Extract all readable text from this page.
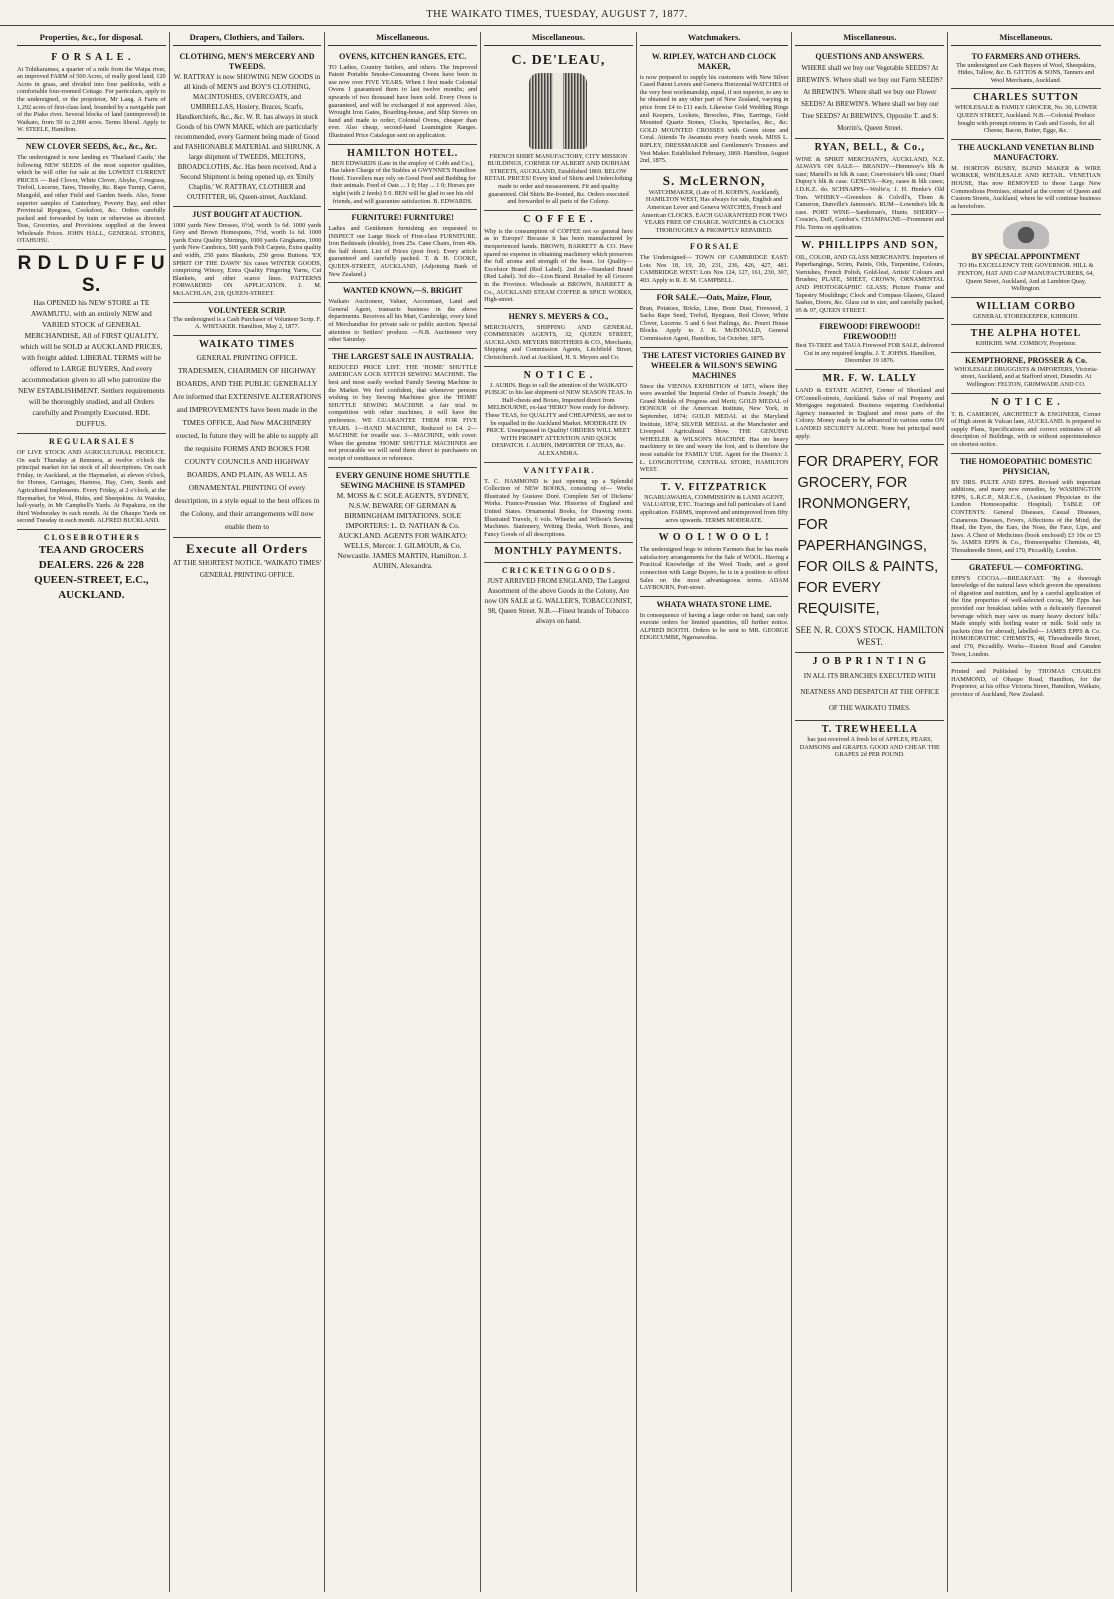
THE WAIKATO TIMES, TUESDAY, AUGUST 7, 1877.
Properties, &c., for disposal.
F O R S A L E .
At Tuhikaramea, a quarter of a mile from the Waipa river, an improved FARM of 500 Acres, of really good land; 120 Acres in grass, and divided into four paddocks, with a comfortable four-roomed Cottage. For particulars, apply to the undersigned, or the proprietor, Mr Lang. A Farm of 1,292 acres of first-class land, bounded by a navigable part of the Piako river. Several blocks of land (unimproved) in Waikato, from 50 to 2,000 acres. Terms liberal. Apply to W. STEELE, Hamilton.
NEW CLOVER SEEDS, &c., &c., &c.
The undersigned is now landing ex 'Thurland Castle,' the following NEW SEEDS of the most superior qualities, which he will offer for sale at the LOWEST CURRENT PRICES — Red Clover, White Clover, Alsyke, Cowgrass, Trefoil, Lucerne, Tares, Timothy, &c. Rape Turnip, Carrot, Mangold, and other Field and Garden Seeds. Also, Some superior samples of Canterbury, Poverty Bay, and other Provincial Ryegrass, Cocksfoot, &c. Orders carefully packed and forwarded by train or otherwise as directed. Teas, Groceries, and Provisions supplied at the lowest Wholesale Prices. JOHN HALL, GENERAL STORES, OTAHUHU.
R D L D U F F U S.
Has OPENED his NEW STORE at TE AWAMUTU, with an entirely NEW and VARIED STOCK of GENERAL MERCHANDISE, All of FIRST QUALITY, which will be SOLD at AUCKLAND PRICES, with freight added. LIBERAL TERMS will be offered to LARGE BUYERS, And every accommodation given to all who patronize the NEW ESTABLISHMENT. Settlers requirements will be thoroughly studied, and all Orders carefully and Promptly Executed. RDL DUFFUS.
R E G U L A R S A L E S
OF LIVE STOCK AND AGRICULTURAL PRODUCE. On each Thursday at Remuera, at twelve o'clock the principal market for fat stock of all descriptions. On each Friday, in Auckland, at the Haymarket, at eleven o'clock, for Horses, Carriages, Harness, Hay, Corn, Seeds and Agricultural Implements. Every Friday, at 2 o'clock, at the Haymarket, for Wool, Hides, and Sheepskins. At Waiuku, half-yearly, in Mr Campbell's Yards. At Papakura, on the third Wednesday in each month. At the Ohaupo Yards on second Tuesday in each month. ALFRED BUCKLAND.
C L O S E B R O T H E R S
TEA AND GROCERS DEALERS. 226 & 228 QUEEN-STREET, E.C., AUCKLAND.
Drapers, Clothiers, and Tailors.
CLOTHING, MEN'S MERCERY AND TWEEDS.
W. RATTRAY is now SHOWING NEW GOODS in all kinds of MEN'S and BOY'S CLOTHING, MACINTOSHES, OVERCOATS, and UMBRELLAS, Hosiery, Braces, Scarfs, Handkerchiefs, &c., &c. W. R. has always in stock Goods of his OWN MAKE, which are particularly recommended, every Garment being made of Good and FASHIONABLE MATERIAL and SHRUNK. A large shipment of TWEEDS, MELTONS, BROADCLOTHS, &c. Has been received, And a Second Shipment is being opened up, ex 'Emily Chaplin.' W. RATTRAY, CLOTHIER and OUTFITTER, 66, Queen-street, Auckland.
JUST BOUGHT AT AUCTION.
1000 yards New Dresses, 6½d, worth 1s 6d. 1000 yards Grey and Brown Homespuns, 7½d, worth 1s 6d. 1000 yards Extra Quality Shirtings, 1000 yards Ginghams, 1000 yards New Cambrics, 500 yards Felt Carpets, Extra quality and width, 250 pairs Blankets, 250 gross Buttons. 'EX SPIRIT OF THE DAWN' Six cases WINTER GOODS, comprising Wincey, Extra Quality Fingering Yarns, Cut Blankets, and other scarce lines. PATTERNS FORWARDED ON APPLICATION. J. M. McLACHLAN, 218, QUEEN-STREET.
VOLUNTEER SCRIP.
The undersigned is a Cash Purchaser of Volunteer Scrip. F. A. WHITAKER. Hamilton, May 2, 1877.
WAIKATO TIMES
GENERAL PRINTING OFFICE. TRADESMEN, CHAIRMEN OF HIGHWAY BOARDS, AND THE PUBLIC GENERALLY Are informed that EXTENSIVE ALTERATIONS and IMPROVEMENTS have been made in the TIMES OFFICE, And New MACHINERY erected, In future they will be able to supply all the requisite FORMS AND BOOKS FOR COUNTY COUNCILS AND HIGHWAY BOARDS, AND PLAIN, AS WELL AS ORNAMENTAL PRINTING Of every description, in a style equal to the best offices in the Colony, and their arrangements will now enable them to
Execute all Orders
AT THE SHORTEST NOTICE. 'WAIKATO TIMES' GENERAL PRINTING OFFICE.
Miscellaneous.
OVENS, KITCHEN RANGES, ETC.
TO Ladies, Country Settlers, and others. The Improved Patent Portable Smoke-Consuming Ovens have been in use now over FIVE YEARS. When I first made Colonial Ovens I guaranteed them to last twelve months; and upwards of two thousand have been sold. Every Oven is guaranteed, and will be exchanged if not approved. Also, Wrought Iron Gates, Boarding-house, and Ship Stoves on hand and made to order; Colonial Ovens, cheaper than ever. Also cheap, second-hand Leamington Ranges. Illustrated Price Catalogue sent on application.
HAMILTON HOTEL.
BEN EDWARDS (Late in the employ of Cobb and Co.), Has taken Charge of the Stables at GWYNNE'S Hamilton Hotel. Travellers may rely on Good Feed and Bedding for their animals. Feed of Oats ... 1 0; Hay ... 1 0; Horses per night (with 2 feeds) 5 0. BEN will be glad to see his old friends, and will guarantee satisfaction. B. EDWARDS.
FURNITURE! FURNITURE!
Ladies and Gentlemen furnishing are requested to INSPECT our Large Stock of First-class FURNITURE. Iron Bedsteads (double), from 25s. Cane Chairs, from 40s. the half dozen. List of Prices (post free). Every article guaranteed and carefully packed. T. & H. COOKE, QUEEN-STREET, AUCKLAND, (Adjoining Bank of New Zealand.)
WANTED KNOWN,—S. BRIGHT
Waikato Auctioneer, Valuer, Accountant, Land and General Agent, transacts business in the above departments. Receives all his Mart, Cambridge, every kind of Merchandise for private sale or public auction. Special attention to Settlers' produce. —N.B. Auctioneer very other Saturday.
THE LARGEST SALE IN AUSTRALIA.
REDUCED PRICE LIST. THE 'HOME' SHUTTLE AMERICAN LOCK STITCH SEWING MACHINE. The best and most easily worked Family Sewing Machine in the Market. We feel confident, that whenever persons wishing to buy Sewing Machines give the 'HOME' SHUTTLE SEWING MACHINE a fair trial in competition with other machines, it will have the preference. WE GUARANTEE THEM FOR FIVE YEARS. 1—HAND MACHINE, Reduced to £4. 2—MACHINE for treadle use. 3—MACHINE, with cover. When the genuine 'HOME' SHUTTLE MACHINES are not procurable we will send them direct to purchasers on receipt of remittance or reference.
EVERY GENUINE HOME SHUTTLE SEWING MACHINE IS STAMPED
M. MOSS & C SOLE AGENTS, SYDNEY, N.S.W. BEWARE OF GERMAN & BIRMINGHAM IMITATIONS. SOLE IMPORTERS: L. D. NATHAN & Co. AUCKLAND. AGENTS FOR WAIKATO: WELLS, Mercer. J. GILMOUR, & Co. Newcastle. JAMES MARTIN, Hamilton. J. AUBIN, Alexandra.
Miscellaneous.
C. DE'LEAU,
FRENCH SHIRT MANUFACTORY, CITY MISSION BUILDINGS, CORNER OF ALBERT AND DURHAM STREETS, AUCKLAND, Established 1869. BELOW RETAIL PRICES! Every kind of Shirts and Underclothing made to order and measurement. Fit and quality guaranteed. Old Shirts Re-fronted, &c. Orders executed and forwarded to all parts of the Colony.
C O F F E E .
Why is the consumption of COFFEE not so general here as in Europe? Because it has been manufactured by inexperienced hands. BROWN, BARRETT & CO. Have spared no expense in obtaining machinery which preserves the full aroma and strength of the bean. 1st Quality—Excelsior Brand (Red Label). 2nd do—Standard Brand (Red Label). 3rd do—Lion Brand. Retailed by all Grocers in the Province. Wholesale at BROWN, BARRETT & Co., AUCKLAND STEAM COFFEE & SPICE WORKS, High-street.
HENRY S. MEYERS & CO.,
MERCHANTS, SHIPPING AND GENERAL COMMISSION AGENTS, 32, QUEEN STREET, AUCKLAND. MEYERS BROTHERS & CO., Merchants, Shipping and Commission Agents, Litchfield Street, Christchurch. And at Auckland, H. S. Meyers and Co.
N O T I C E .
J. AUBIN. Begs to call the attention of the WAIKATO PUBLIC to his last shipment of NEW SEASON TEAS. In Half-chests and Boxes, Imported direct from MELBOURNE, ex-last 'HERO' Now ready for delivery. These TEAS, for QUALITY and CHEAPNESS, are not to be equalled in the Auckland Market. MODERATE IN PRICE. Unsurpassed in Quality! ORDERS WILL MEET WITH PROMPT ATTENTION AND QUICK DESPATCH. J. AUBIN, IMPORTER OF TEAS, &c. ALEXANDRA.
V A N I T Y F A I R .
T. C. HAMMOND is just opening up a Splendid Collection of NEW BOOKS, consisting of— Works Illustrated by Gustave Doré. Complete Set of Dickens' Works. Franco-Prussian War. Histories of England and United States. Ornamental Books, for Drawing room. Illustrated Travels, 6 vols. Wheeler and Wilson's Sewing Machines. Stationery, Writing Desks, Work Boxes, and Fancy Goods of all descriptions.
MONTHLY PAYMENTS.
C R I C K E T I N G G O O D S .
JUST ARRIVED FROM ENGLAND, The Largest Assortment of the above Goods in the Colony, Are now ON SALE at G. WALLER'S, TOBACCONIST, 98, Queen Street. N.B.—Finest brands of Tobacco always on hand.
Watchmakers.
W. RIPLEY, WATCH AND CLOCK MAKER,
is now prepared to supply his customers with New Silver Cased Patent Levers and Geneva Horizontal WATCHES of the very best workmanship, equal, if not superior, to any to be obtained in any other part of New Zealand, varying in price from £4 to £11 each. Likewise Gold Wedding Rings and Keepers, Lockets, Brooches, Pins, Earrings, Gold Mounted Quartz Stones, Clocks, Spectacles, &c., &c. GOLD MOUNTED CROSSES with Green stone and Coral. Attends Te Awamutu every fourth week. MISS L. RIPLEY, DRESSMAKER and Gentlemen's Trousers and Vest Maker. Established February, 1869. Hamilton, August 2nd, 1875.
S. McLERNON,
WATCHMAKER, (Late of H. KOHN'S, Auckland), HAMILTON WEST, Has always for sale, English and American Lever and Geneva WATCHES, French and American CLOCKS. EACH GUARANTEED FOR TWO YEARS FREE OF CHARGE. WATCHES & CLOCKS THOROUGHLY & PROMPTLY REPAIRED.
F O R S A L E
The Undersigned— TOWN OF CAMBRIDGE EAST: Lots Nos 18, 19, 20, 231, 236, 426, 427, 481. CAMBRIDGE WEST: Lots Nos 124, 127, 161, 230, 307, 403. Apply to R. E. M. CAMPBELL.
FOR SALE.—Oats, Maize, Flour,
Bran, Potatoes, Bricks, Lime, Bone Dust, Firewood, 2 Sacks Rape Seed, Trefoil, Ryegrass, Red Clover, White Clover, Lucerne. 5 and 6 feet Pailings, &c. Pourri House Blocks. Apply to J. K. McDONALD, General Commission Agent, Hamilton, 1st October, 1875.
THE LATEST VICTORIES GAINED BY WHEELER & WILSON'S SEWING MACHINES
Since the VIENNA EXHIBITION of 1873, where they were awarded 'the Imperial Order of Francis Joseph,' the Grand Medals of Progress and Merit; GOLD MEDAL of HONOUR of the American Institute, New York, in September, 1874; GOLD MEDAL at the Maryland Institute, 1874; SILVER MEDAL at the Manchester and Liverpool Agricultural Show. THE GENUINE WHEELER & WILSON'S MACHINE Has no heavy machinery to tire and weary the foot, and is therefore the most suitable for FAMILY USE. Agent for the District: J. L. LONGBOTTOM, CENTRAL STORE, HAMILTON WEST.
T. V. FITZPATRICK
NGARUAWAHIA, COMMISSION & LAND AGENT, VALUATOR, ETC. Tracings and full particulars of Land application. FARMS, improved and unimproved from fifty acres upwards. TERMS MODERATE.
W O O L ! W O O L !
The undersigned begs to inform Farmers that he has made satisfactory arrangements for the Sale of WOOL. Having a Practical Knowledge of the Wool Trade, and a good connection with Large Buyers, he is in a position to effect Sales on the most advantageous terms. ADAM LAYBOURN, Port-street.
WHATA WHATA STONE LIME.
In consequence of having a large order on hand, can only execute orders for limited quantities, till further notice. ALFRED BOOTH. Orders to be sent to MR. GEORGE EDGECUMBE, Ngaruawahia.
Miscellaneous.
QUESTIONS AND ANSWERS.
WHERE shall we buy our Vegetable SEEDS? At BREWIN'S. Where shall we buy our Farm SEEDS? At BREWIN'S. Where shall we buy our Flower SEEDS? At BREWIN'S. Where shall we buy our Tree SEEDS? At BREWIN'S, Opposite T. and S. Morrin's, Queen Street.
RYAN, BELL, & Co.,
WINE & SPIRIT MERCHANTS, AUCKLAND, N.Z. ALWAYS ON SALE— BRANDY—Hennessy's blk & case; Martell's in blk & case; Courvoisier's blk case; Otard Dupuy's blk & case. GENEVA—Key, cases & blk cases; J.D.K.Z. do. SCHNAPPS—Wolfe's; J. H. Henke's Old Tom. WHISKY—Greenlees & Colvill's, Thom & Cameron, Dunville's Jameson's. RUM—Lowndes's blk & case. PORT WINE—Sandeman's, Hunts. SHERRY—Cousin's, Duff, Gordon's. CHAMPAGNE—Fromment and Fils. Terms on application.
W. PHILLIPPS AND SON,
OIL, COLOR, AND GLASS MERCHANTS. Importers of Paperhangings, Scrim, Paints, Oils, Turpentine, Colours, Varnishes, French Polish, Gold-leaf, Artists' Colours and Brushes; PLATE, SHEET, CROWN, ORNAMENTAL AND PHOTOGRAPHIC GLASS; Picture Frame and Tapestry Mouldings; Clock and Compass Glasses, Glazed Sashes, Doors, &c. Glass cut to size, and carefully packed, 95 & 97, QUEEN STREET.
FIREWOOD! FIREWOOD!! FIREWOOD!!!
Best TI-TREE and TAUA Firewood FOR SALE, delivered Cut in any required lengths. J. T. JOHNS. Hamilton, December 19 1876.
MR. F. W. LALLY
LAND & ESTATE AGENT, Corner of Shortland and O'Connell-streets, Auckland. Sales of real Property and Mortgages negotiated. Business requiring Confidential Agency transacted in England and most parts of the Colony. Money ready to be advanced in various sums ON LANDED SECURITY ALONE. None but principal need apply.
FOR DRAPERY, FOR GROCERY, FOR IRONMONGERY, FOR PAPERHANGINGS, FOR OILS & PAINTS, FOR EVERY REQUISITE,
SEE N. R. COX'S STOCK. HAMILTON WEST.
J O B P R I N T I N G
IN ALL ITS BRANCHES EXECUTED WITH NEATNESS AND DESPATCH AT THE OFFICE OF THE WAIKATO TIMES.
T. TREWHEELLA
has just received A fresh lot of APPLES, PEARS, DAMSONS and GRAPES. GOOD AND CHEAP. THE GRAPES 2d PER POUND.
Miscellaneous.
TO FARMERS AND OTHERS.
The undersigned are Cash Buyers of Wool, Sheepskins, Hides, Tallow, &c. B. GITTOS & SONS, Tanners and Wool Merchants, Auckland.
CHARLES SUTTON
WHOLESALE & FAMILY GROCER, No. 30, LOWER QUEEN STREET, Auckland. N.B.—Colonial Produce bought with prompt returns in Cash and Goods, for all Cheese, Bacon, Butter, Eggs, &c.
THE AUCKLAND VENETIAN BLIND MANUFACTORY.
M. HORTON BUSBY, BLIND MAKER & WIRE WORKER, WHOLESALE AND RETAIL. VENETIAN HOUSE, Has now REMOVED to those Large New Commodious Premises, situated at the corner of Queen and Custom Streets, Auckland, where he will continue business as heretofore.
BY SPECIAL APPOINTMENT
TO His EXCELLENCY THE GOVERNOR. HILL & FENTON, HAT AND CAP MANUFACTURERS, 64, Queen Street, Auckland, And at Lambton Quay, Wellington.
WILLIAM CORBO
GENERAL STOREKEEPER, KIHIKIHI.
THE ALPHA HOTEL
KIHIKIHI. WM. COMBOY, Proprietor.
KEMPTHORNE, PROSSER & Co.
WHOLESALE DRUGGISTS & IMPORTERS, Victoria-street, Auckland, and at Stafford street, Dunedin. At Wellington: FELTON, GRIMWADE AND CO.
N O T I C E .
T. B. CAMERON, ARCHITECT & ENGINEER, Corner of High street & Vulcan lane, AUCKLAND. Is prepared to supply Plans, Specifications and correct estimates of all description of Buildings, with or without superintendence on shortest notice.
THE HOMOEOPATHIC DOMESTIC PHYSICIAN,
BY DRS. PULTE AND EPPS. Revised with important additions, and many new remedies, by WASHINGTON EPPS, L.R.C.P., M.R.C.S., (Assistant Physician to the London Homoeopathic Hospital). TABLE OF CONTENTS: General Diseases, Casual Diseases, Cutaneous Diseases, Fevers, Affections of the Mind, the Head, the Eyes, the Ears, the Nose, the Face, Lips, and Jaws. A Chest of Medicines (book enclosed) £3 10s or £5 5s. JAMES EPPS & Co., Homoeopathic Chemists, 48, Threadneedle Street, and 170, Piccadilly, London.
GRATEFUL — COMFORTING.
EPPS'S COCOA.—BREAKFAST. 'By a thorough knowledge of the natural laws which govern the operations of digestion and nutrition, and by a careful application of the fine properties of well-selected cocoa, Mr Epps has provided our breakfast tables with a delicately flavoured beverage which may save us many heavy doctors' bills.' Made simply with boiling water or milk. Sold only in packets (tins for abroad), labelled— JAMES EPPS & Co. HOMOEOPATHIC CHEMISTS, 48, Threadneedle Street, and 170, Piccadilly. Works—Euston Road and Camden Town, London.
Printed and Published by THOMAS CHARLES HAMMOND, of Ohaupo Road, Hamilton, for the Proprietor, at his office Victoria Street, Hamilton, Waikato, province of Auckland, New Zealand.
